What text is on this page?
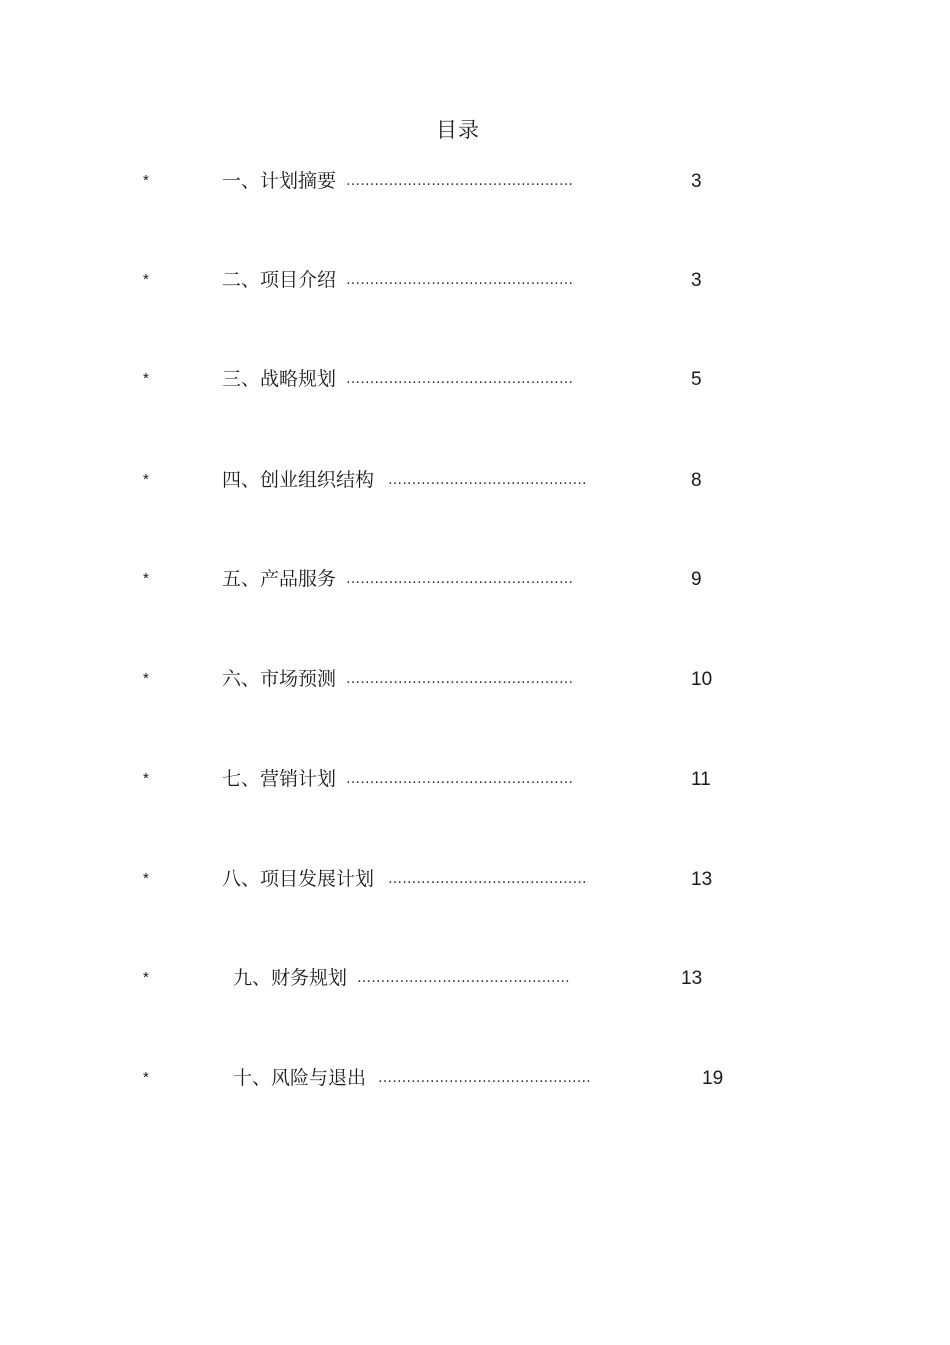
目录
*	一、计划摘要 …………………………………………	3
*	二、项目介绍 …………………………………………	3
*	三、战略规划 …………………………………………	5
*	四、创业组织结构 ……………………………………	8
*	五、产品服务 …………………………………………	9
*	六、市场预测 …………………………………………	10
*	七、营销计划 …………………………………………	11
*	八、项目发展计划 ……………………………………	13
*	九、财务规划 ………………………………………	13
*	十、风险与退出 ………………………………………	19
